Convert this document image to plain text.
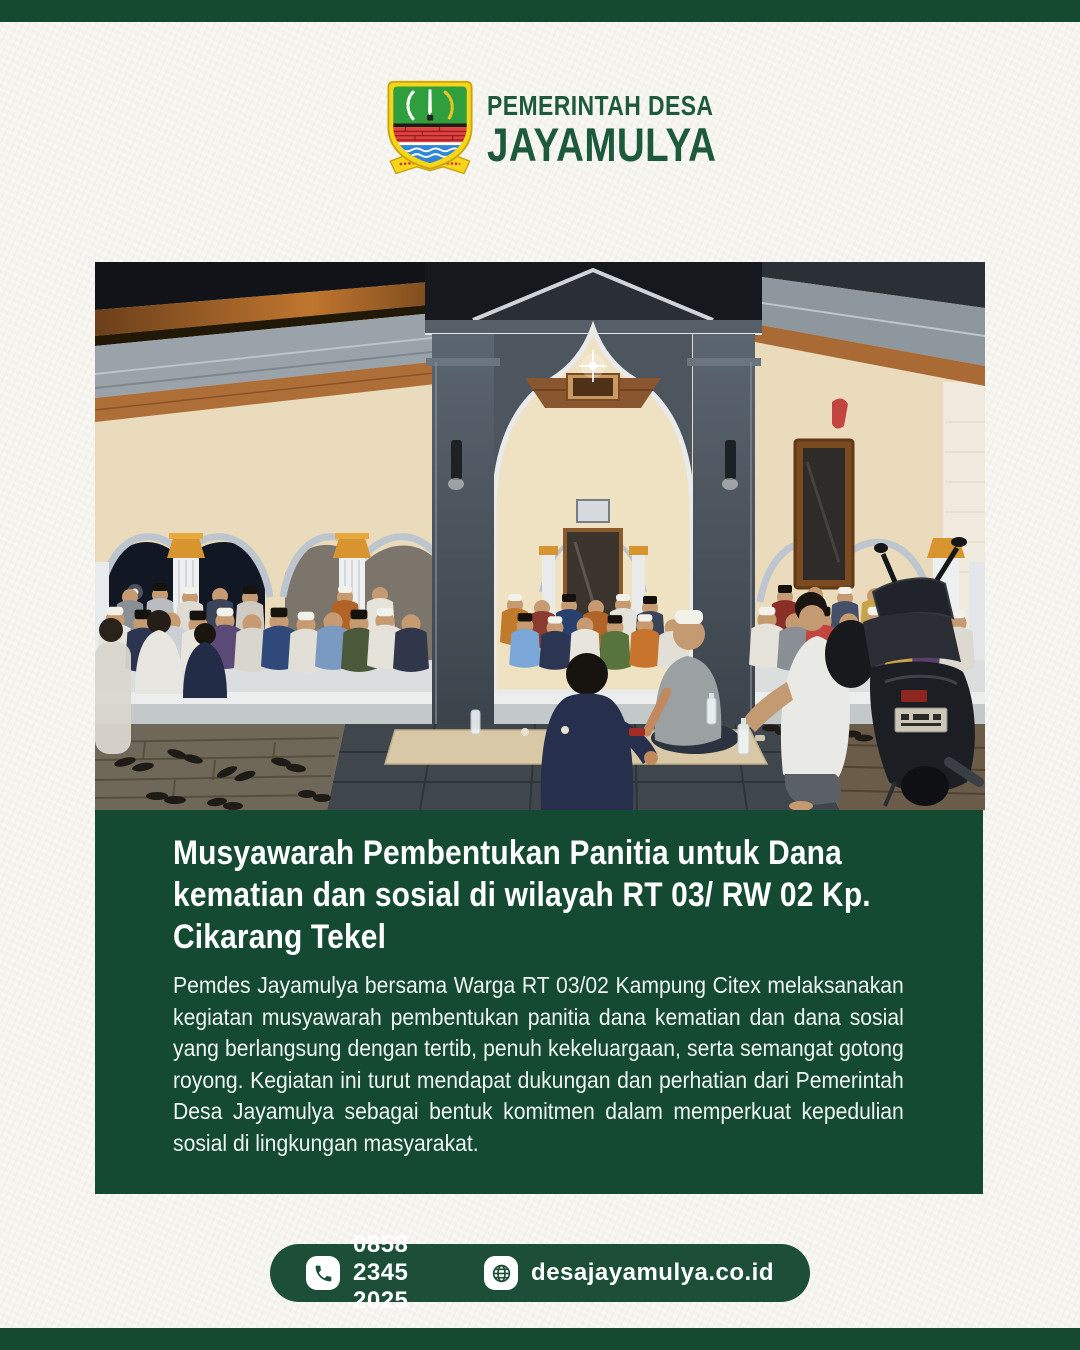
PEMERINTAH DESA
JAYAMULYA
Musyawarah Pembentukan Panitia untuk Dana kematian dan sosial di wilayah RT 03/ RW 02 Kp. Cikarang Tekel

Pemdes Jayamulya bersama Warga RT 03/02 Kampung Citex melaksanakan kegiatan musyawarah pembentukan panitia dana kematian dan dana sosial yang berlangsung dengan tertib, penuh kekeluargaan, serta semangat gotong royong. Kegiatan ini turut mendapat dukungan dan perhatian dari Pemerintah Desa Jayamulya sebagai bentuk komitmen dalam memperkuat kepedulian sosial di lingkungan masyarakat.

0858 2345 2025
desajayamulya.co.id
